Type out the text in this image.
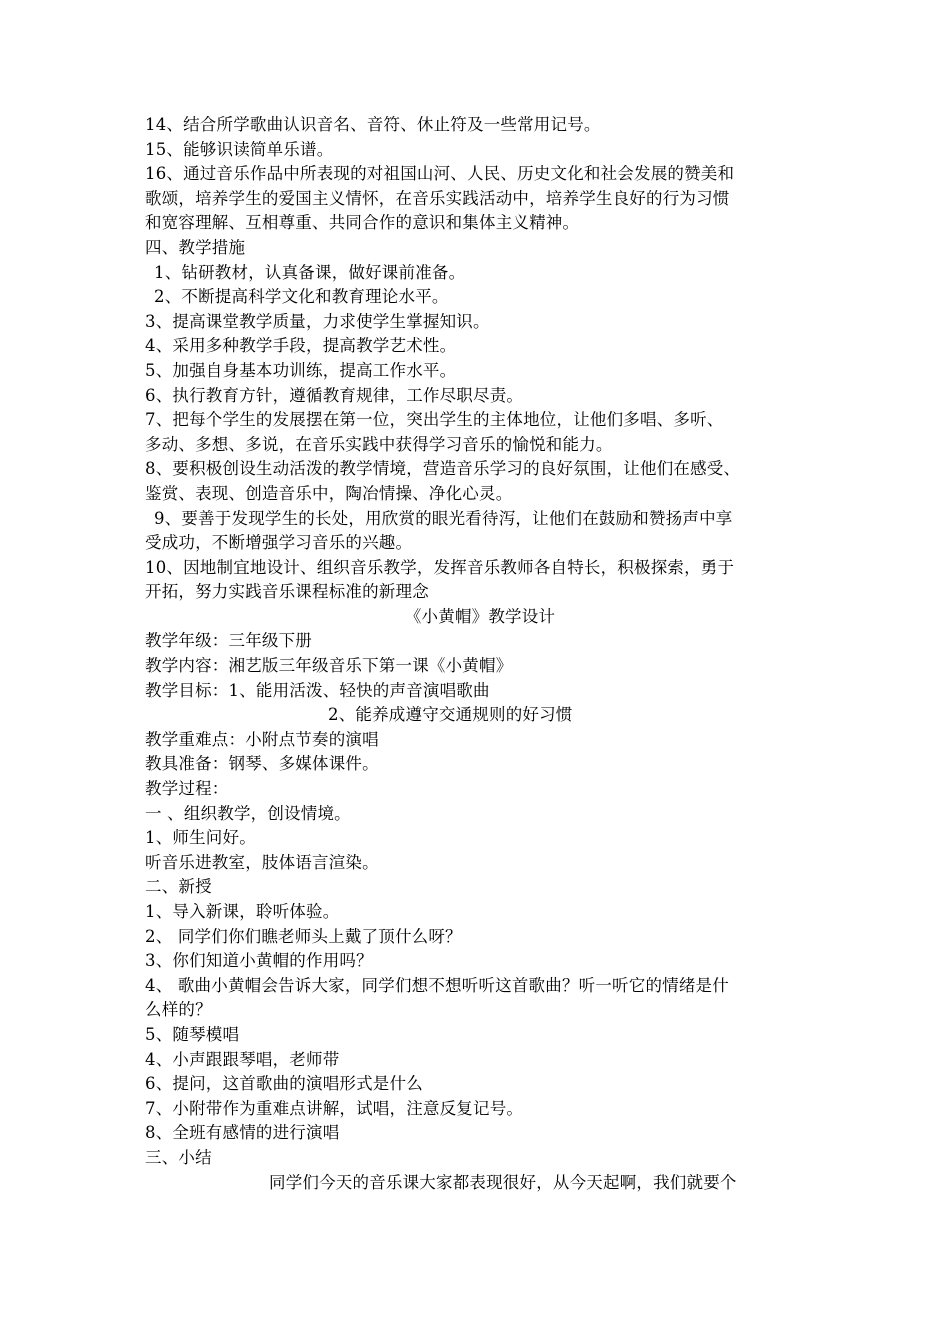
14、结合所学歌曲认识音名、音符、休止符及一些常用记号。
15、能够识读简单乐谱。
16、通过音乐作品中所表现的对祖国山河、人民、历史文化和社会发展的赞美和
歌颂，培养学生的爱国主义情怀，在音乐实践活动中，培养学生良好的行为习惯
和宽容理解、互相尊重、共同合作的意识和集体主义精神。
四、教学措施
1、钻研教材，认真备课，做好课前准备。
2、不断提高科学文化和教育理论水平。
3、提高课堂教学质量，力求使学生掌握知识。
4、采用多种教学手段，提高教学艺术性。
5、加强自身基本功训练，提高工作水平。
6、执行教育方针，遵循教育规律，工作尽职尽责。
7、把每个学生的发展摆在第一位，突出学生的主体地位，让他们多唱、多听、
多动、多想、多说，在音乐实践中获得学习音乐的愉悦和能力。
8、要积极创设生动活泼的教学情境，营造音乐学习的良好氛围，让他们在感受、
鉴赏、表现、创造音乐中，陶冶情操、净化心灵。
9、要善于发现学生的长处，用欣赏的眼光看待泻，让他们在鼓励和赞扬声中享
受成功，不断增强学习音乐的兴趣。
10、因地制宜地设计、组织音乐教学，发挥音乐教师各自特长，积极探索，勇于
开拓，努力实践音乐课程标准的新理念
《小黄帽》教学设计
教学年级：三年级下册
教学内容：湘艺版三年级音乐下第一课《小黄帽》
教学目标：1、能用活泼、轻快的声音演唱歌曲
2、能养成遵守交通规则的好习惯
教学重难点：小附点节奏的演唱
教具准备：钢琴、多媒体课件。
教学过程：
一 、组织教学，创设情境。
1、师生问好。
听音乐进教室，肢体语言渲染。
二、新授
1、导入新课，聆听体验。
2、 同学们你们瞧老师头上戴了顶什么呀？
3、你们知道小黄帽的作用吗？
4、 歌曲小黄帽会告诉大家，同学们想不想听听这首歌曲？听一听它的情绪是什
么样的？
5、随琴模唱
4、小声跟跟琴唱，老师带
6、提问，这首歌曲的演唱形式是什么
7、小附带作为重难点讲解，试唱，注意反复记号。
8、全班有感情的进行演唱
三、小结
同学们今天的音乐课大家都表现很好，从今天起啊，我们就要个
